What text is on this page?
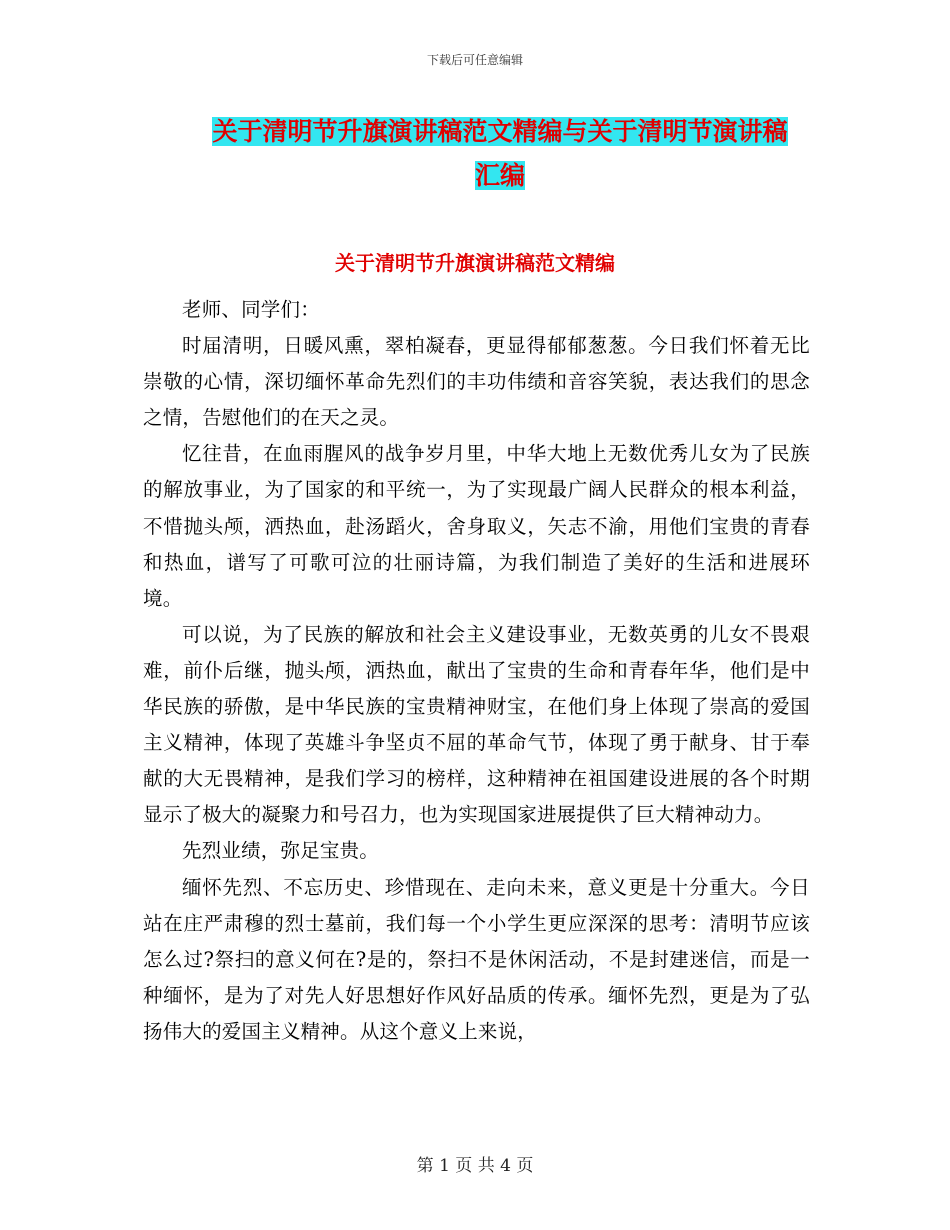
下载后可任意编辑
关于清明节升旗演讲稿范文精编与关于清明节演讲稿
汇编
关于清明节升旗演讲稿范文精编

老师、同学们：

时届清明，日暖风熏，翠柏凝春，更显得郁郁葱葱。今日我们怀着无比崇敬的心情，深切缅怀革命先烈们的丰功伟绩和音容笑貌，表达我们的思念之情，告慰他们的在天之灵。

忆往昔，在血雨腥风的战争岁月里，中华大地上无数优秀儿女为了民族的解放事业，为了国家的和平统一，为了实现最广阔人民群众的根本利益，不惜抛头颅，洒热血，赴汤蹈火，舍身取义，矢志不渝，用他们宝贵的青春和热血，谱写了可歌可泣的壮丽诗篇，为我们制造了美好的生活和进展环境。

可以说，为了民族的解放和社会主义建设事业，无数英勇的儿女不畏艰难，前仆后继，抛头颅，洒热血，献出了宝贵的生命和青春年华，他们是中华民族的骄傲，是中华民族的宝贵精神财宝，在他们身上体现了崇高的爱国主义精神，体现了英雄斗争坚贞不屈的革命气节，体现了勇于献身、甘于奉献的大无畏精神，是我们学习的榜样，这种精神在祖国建设进展的各个时期显示了极大的凝聚力和号召力，也为实现国家进展提供了巨大精神动力。

先烈业绩，弥足宝贵。

缅怀先烈、不忘历史、珍惜现在、走向未来，意义更是十分重大。今日站在庄严肃穆的烈士墓前，我们每一个小学生更应深深的思考：清明节应该怎么过?祭扫的意义何在?是的，祭扫不是休闲活动，不是封建迷信，而是一种缅怀，是为了对先人好思想好作风好品质的传承。缅怀先烈，更是为了弘扬伟大的爱国主义精神。从这个意义上来说，

第 1 页 共 4 页
